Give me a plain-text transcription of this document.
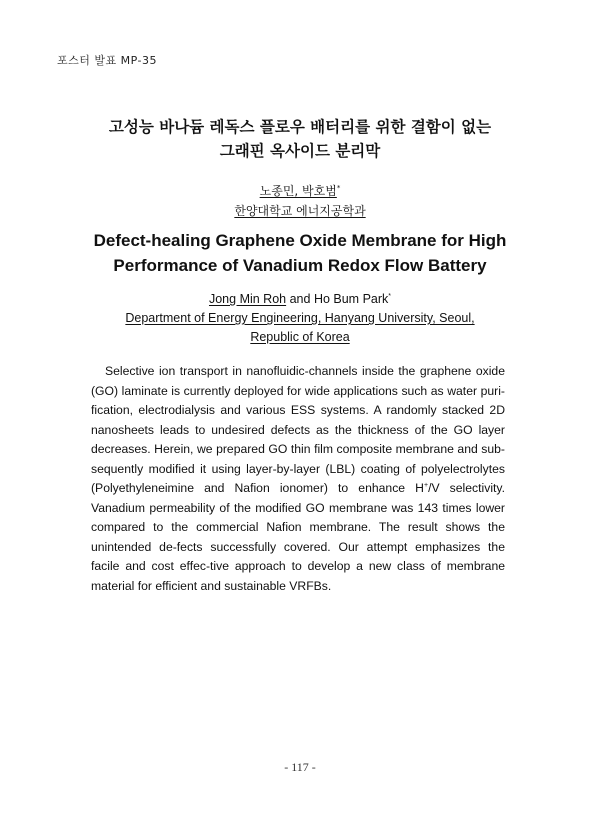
포스터 발표 MP-35
고성능 바나듐 레독스 플로우 배터리를 위한 결함이 없는
그래핀 옥사이드 분리막
노종민, 박호범*
한양대학교 에너지공학과
Defect-healing Graphene Oxide Membrane for High
Performance of Vanadium Redox Flow Battery
Jong Min Roh and Ho Bum Park*
Department of Energy Engineering, Hanyang University, Seoul,
Republic of Korea

Selective ion transport in nanofluidic-channels inside the graphene oxide (GO) laminate is currently deployed for wide applications such as water puri-fication, electrodialysis and various ESS systems. A randomly stacked 2D nanosheets leads to undesired defects as the thickness of the GO layer decreases. Herein, we prepared GO thin film composite membrane and sub-sequently modified it using layer-by-layer (LBL) coating of polyelectrolytes (Polyethyleneimine and Nafion ionomer) to enhance H+/V selectivity. Vanadium permeability of the modified GO membrane was 143 times lower compared to the commercial Nafion membrane. The result shows the unintended de-fects successfully covered. Our attempt emphasizes the facile and cost effec-tive approach to develop a new class of membrane material for efficient and sustainable VRFBs.

- 117 -
